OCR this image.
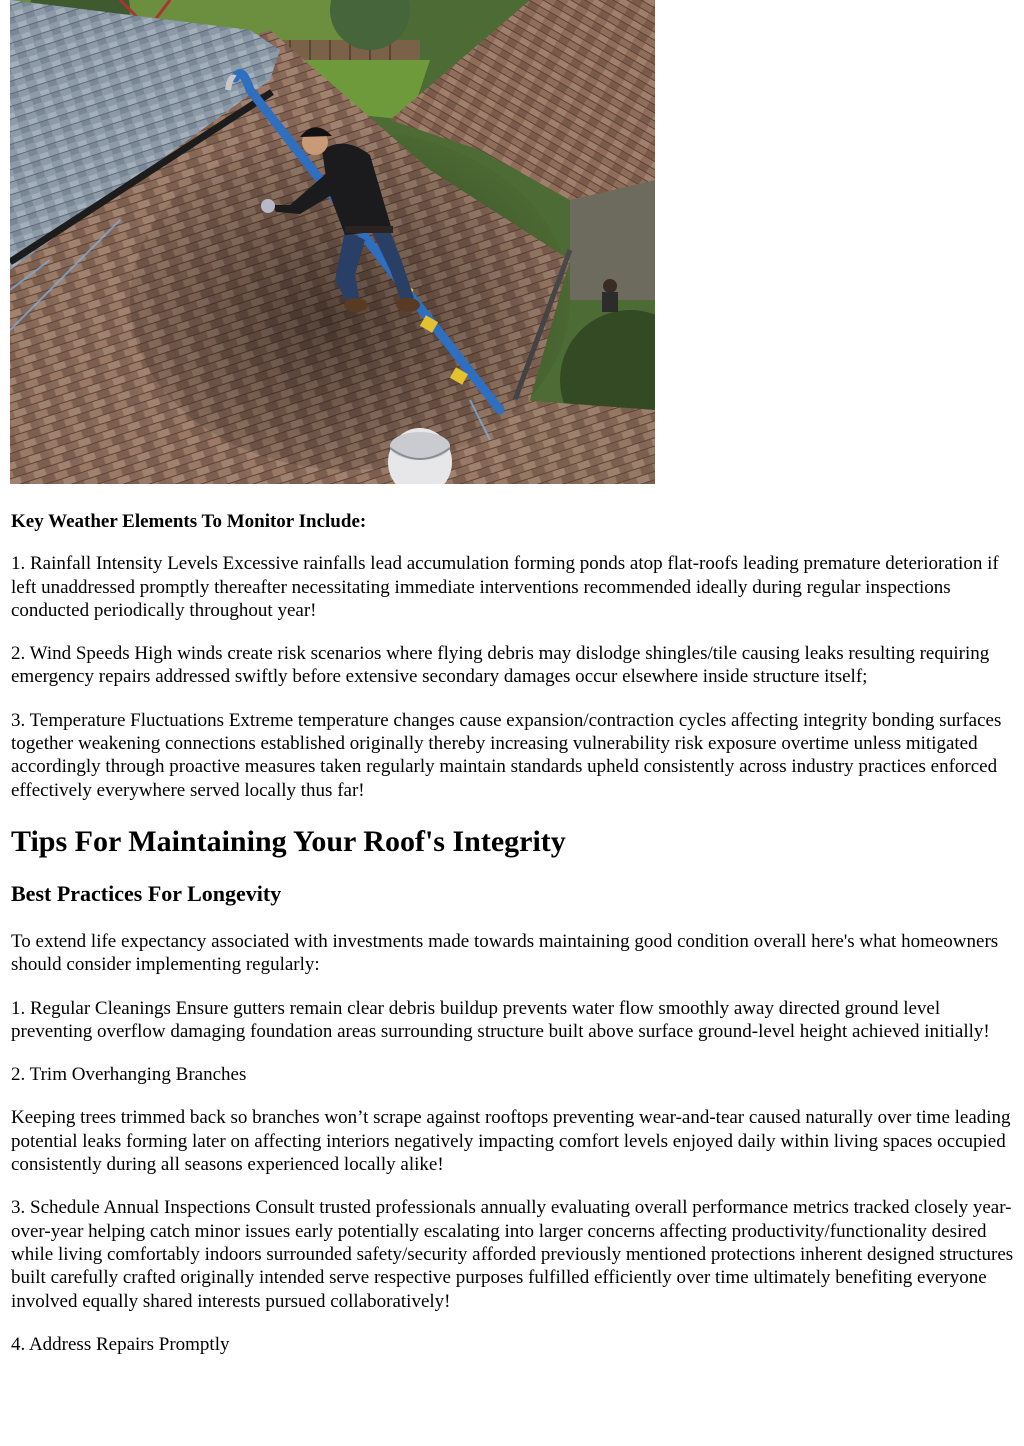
Key Weather Elements To Monitor Include:

1. Rainfall Intensity Levels Excessive rainfalls lead accumulation forming ponds atop flat-roofs leading premature deterioration if left unaddressed promptly thereafter necessitating immediate interventions recommended ideally during regular inspections conducted periodically throughout year!

2. Wind Speeds High winds create risk scenarios where flying debris may dislodge shingles/tile causing leaks resulting requiring emergency repairs addressed swiftly before extensive secondary damages occur elsewhere inside structure itself;

3. Temperature Fluctuations Extreme temperature changes cause expansion/contraction cycles affecting integrity bonding surfaces together weakening connections established originally thereby increasing vulnerability risk exposure overtime unless mitigated accordingly through proactive measures taken regularly maintain standards upheld consistently across industry practices enforced effectively everywhere served locally thus far!

Tips For Maintaining Your Roof's Integrity
Best Practices For Longevity

To extend life expectancy associated with investments made towards maintaining good condition overall here's what homeowners should consider implementing regularly:

1. Regular Cleanings Ensure gutters remain clear debris buildup prevents water flow smoothly away directed ground level preventing overflow damaging foundation areas surrounding structure built above surface ground-level height achieved initially!

2. Trim Overhanging Branches

Keeping trees trimmed back so branches won’t scrape against rooftops preventing wear-and-tear caused naturally over time leading potential leaks forming later on affecting interiors negatively impacting comfort levels enjoyed daily within living spaces occupied consistently during all seasons experienced locally alike!

3. Schedule Annual Inspections Consult trusted professionals annually evaluating overall performance metrics tracked closely year-over-year helping catch minor issues early potentially escalating into larger concerns affecting productivity/functionality desired while living comfortably indoors surrounded safety/security afforded previously mentioned protections inherent designed structures built carefully crafted originally intended serve respective purposes fulfilled efficiently over time ultimately benefiting everyone involved equally shared interests pursued collaboratively!

4. Address Repairs Promptly
